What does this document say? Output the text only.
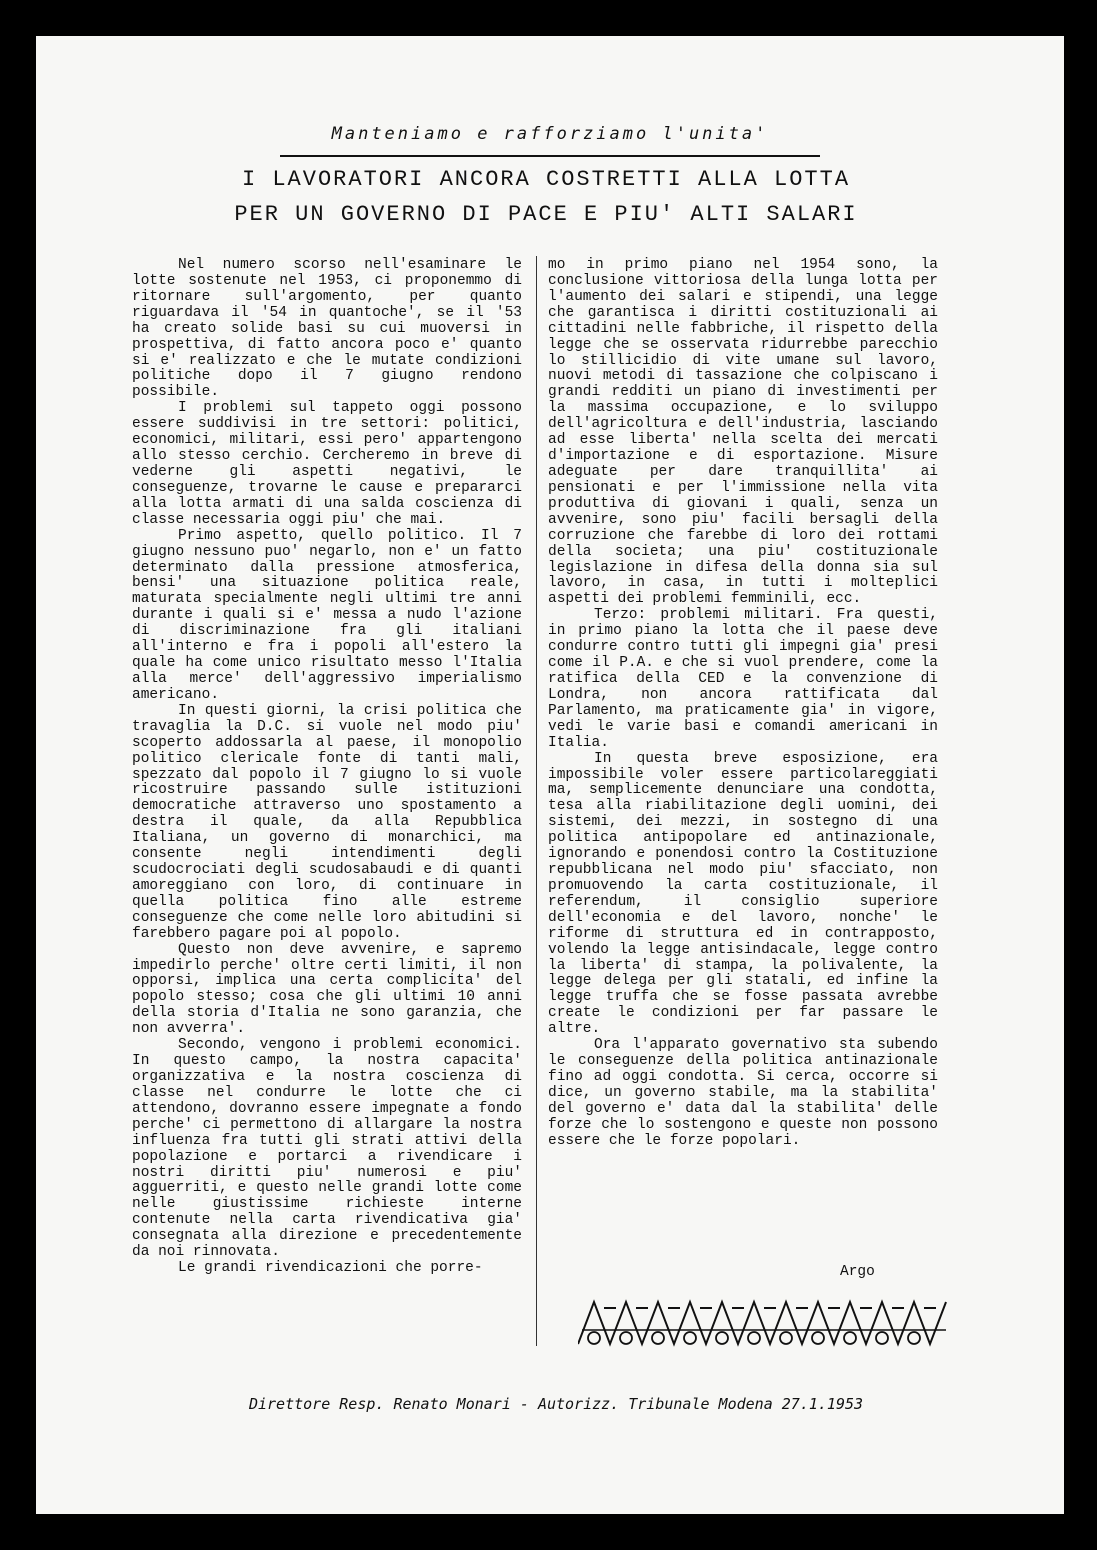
Manteniamo e rafforziamo l'unita'
I LAVORATORI ANCORA COSTRETTI ALLA LOTTA
PER UN GOVERNO DI PACE E PIU' ALTI SALARI

Nel numero scorso nell'esaminare le lotte sostenute nel 1953, ci proponemmo di ritornare sull'argomento, per quanto riguardava il '54 in quantoche', se il '53 ha creato solide basi su cui muoversi in prospettiva, di fatto ancora poco e' quanto si e' realizzato e che le mutate condizioni politiche dopo il 7 giugno rendono possibile.

I problemi sul tappeto oggi possono essere suddivisi in tre settori: politici, economici, militari, essi pero' appartengono allo stesso cerchio. Cercheremo in breve di vederne gli aspetti negativi, le conseguenze, trovarne le cause e prepararci alla lotta armati di una salda coscienza di classe necessaria oggi piu' che mai.

Primo aspetto, quello politico. Il 7 giugno nessuno puo' negarlo, non e' un fatto determinato dalla pressione atmosferica, bensi' una situazione politica reale, maturata specialmente negli ultimi tre anni durante i quali si e' messa a nudo l'azione di discriminazione fra gli italiani all'interno e fra i popoli all'estero la quale ha come unico risultato messo l'Italia alla merce' dell'aggressivo imperialismo americano.

In questi giorni, la crisi politica che travaglia la D.C. si vuole nel modo piu' scoperto addossarla al paese, il monopolio politico clericale fonte di tanti mali, spezzato dal popolo il 7 giugno lo si vuole ricostruire passando sulle istituzioni democratiche attraverso uno spostamento a destra il quale, da alla Repubblica Italiana, un governo di monarchici, ma consente negli intendimenti degli scudocrociati degli scudosabaudi e di quanti amoreggiano con loro, di continuare in quella politica fino alle estreme conseguenze che come nelle loro abitudini si farebbero pagare poi al popolo.

Questo non deve avvenire, e sapremo impedirlo perche' oltre certi limiti, il non opporsi, implica una certa complicita' del popolo stesso; cosa che gli ultimi 10 anni della storia d'Italia ne sono garanzia, che non avverra'.

Secondo, vengono i problemi economici. In questo campo, la nostra capacita' organizzativa e la nostra coscienza di classe nel condurre le lotte che ci attendono, dovranno essere impegnate a fondo perche' ci permettono di allargare la nostra influenza fra tutti gli strati attivi della popolazione e portarci a rivendicare i nostri diritti piu' numerosi e piu' agguerriti, e questo nelle grandi lotte come nelle giustissime richieste interne contenute nella carta rivendicativa gia' consegnata alla direzione e precedentemente da noi rinnovata.

Le grandi rivendicazioni che porre-

mo in primo piano nel 1954 sono, la conclusione vittoriosa della lunga lotta per l'aumento dei salari e stipendi, una legge che garantisca i diritti costituzionali ai cittadini nelle fabbriche, il rispetto della legge che se osservata ridurrebbe parecchio lo stillicidio di vite umane sul lavoro, nuovi metodi di tassazione che colpiscano i grandi redditi un piano di investimenti per la massima occupazione, e lo sviluppo dell'agricoltura e dell'industria, lasciando ad esse liberta' nella scelta dei mercati d'importazione e di esportazione. Misure adeguate per dare tranquillita' ai pensionati e per l'immissione nella vita produttiva di giovani i quali, senza un avvenire, sono piu' facili bersagli della corruzione che farebbe di loro dei rottami della societa; una piu' costituzionale legislazione in difesa della donna sia sul lavoro, in casa, in tutti i molteplici aspetti dei problemi femminili, ecc.

Terzo: problemi militari. Fra questi, in primo piano la lotta che il paese deve condurre contro tutti gli impegni gia' presi come il P.A. e che si vuol prendere, come la ratifica della CED e la convenzione di Londra, non ancora rattificata dal Parlamento, ma praticamente gia' in vigore, vedi le varie basi e comandi americani in Italia.

In questa breve esposizione, era impossibile voler essere particolareggiati ma, semplicemente denunciare una condotta, tesa alla riabilitazione degli uomini, dei sistemi, dei mezzi, in sostegno di una politica antipopolare ed antinazionale, ignorando e ponendosi contro la Costituzione repubblicana nel modo piu' sfacciato, non promuovendo la carta costituzionale, il referendum, il consiglio superiore dell'economia e del lavoro, nonche' le riforme di struttura ed in contrapposto, volendo la legge antisindacale, legge contro la liberta' di stampa, la polivalente, la legge delega per gli statali, ed infine la legge truffa che se fosse passata avrebbe create le condizioni per far passare le altre.

Ora l'apparato governativo sta subendo le conseguenze della politica antinazionale fino ad oggi condotta. Si cerca, occorre si dice, un governo stabile, ma la stabilita' del governo e' data dal la stabilita' delle forze che lo sostengono e queste non possono essere che le forze popolari.

Argo
Direttore Resp. Renato Monari - Autorizz. Tribunale Modena 27.1.1953
